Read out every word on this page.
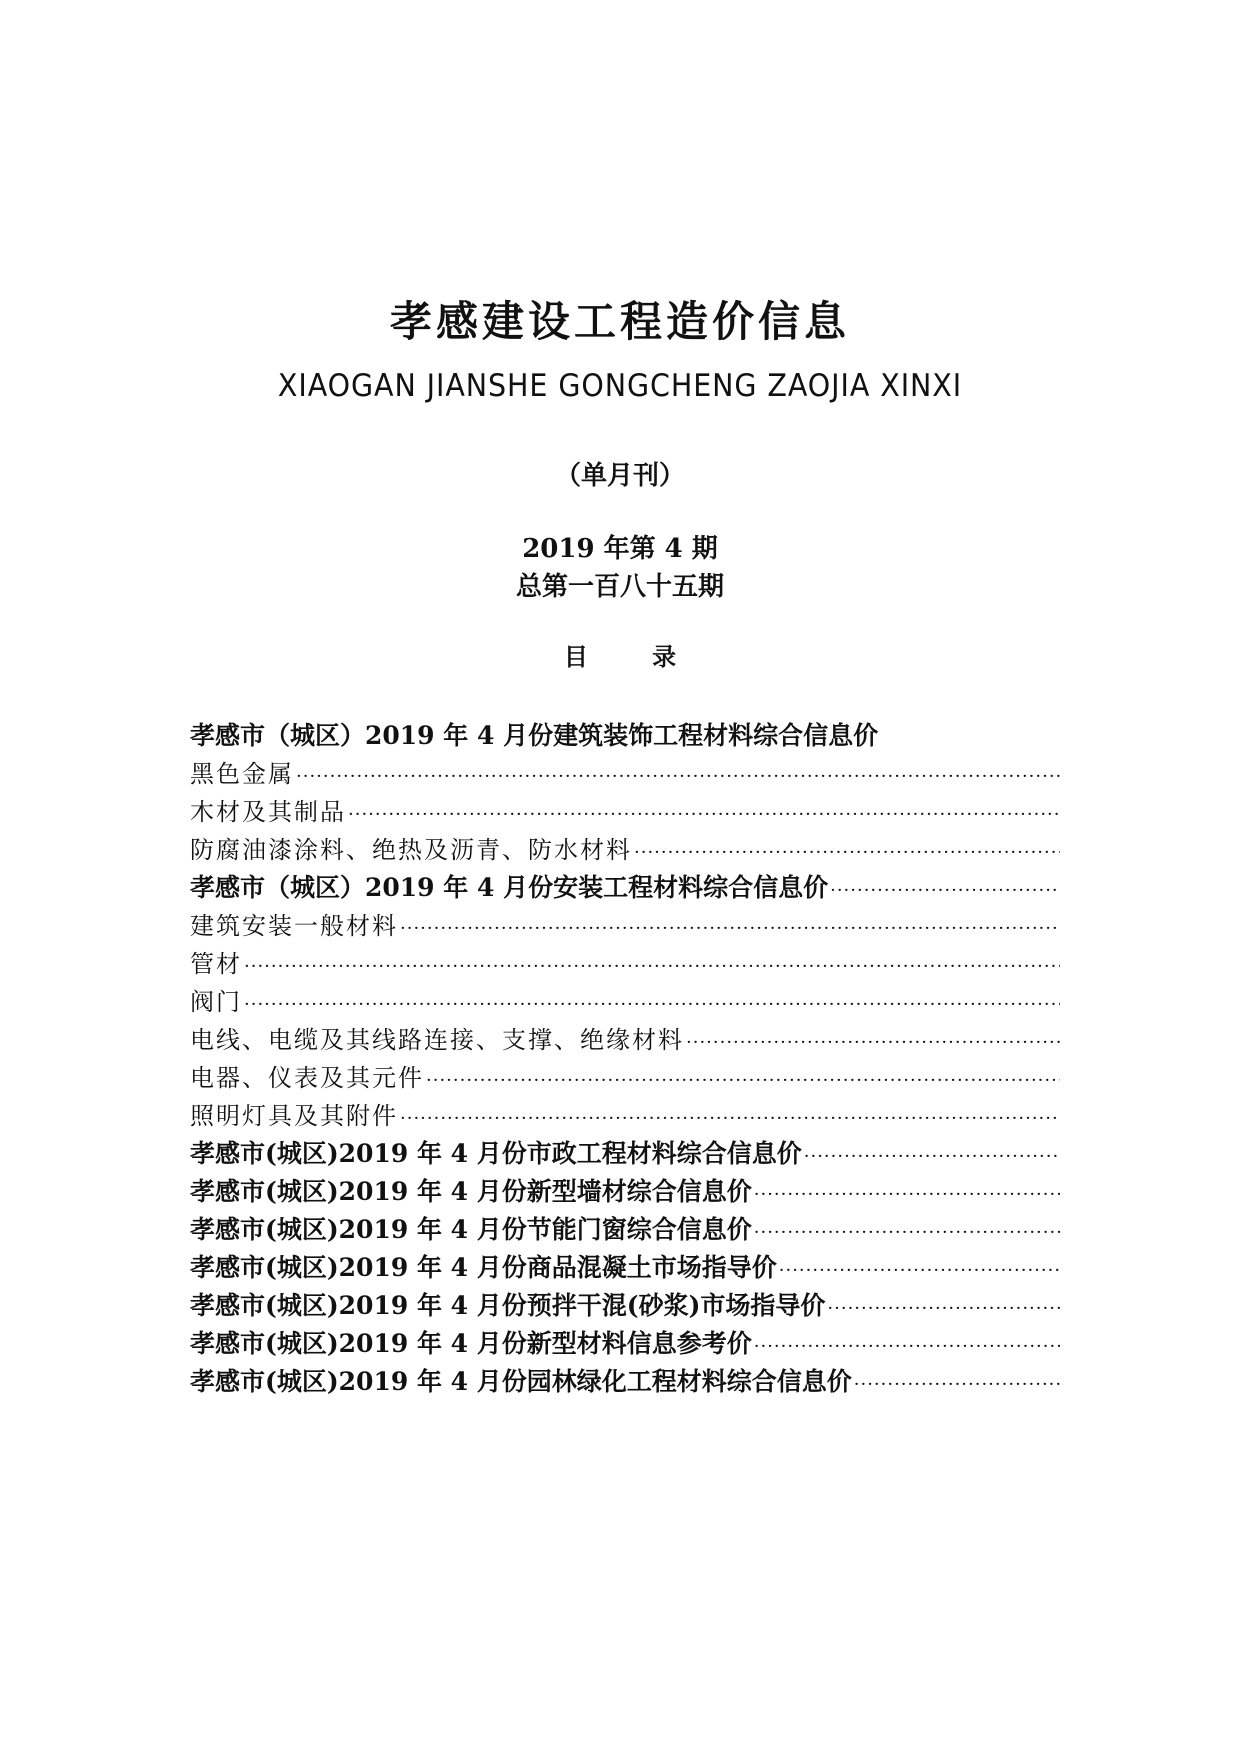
孝感建设工程造价信息
XIAOGAN JIANSHE GONGCHENG ZAOJIA XINXI
（单月刊）
2019 年第 4 期
总第一百八十五期
目 录
孝感市（城区）2019 年 4 月份建筑装饰工程材料综合信息价
黑色金属
·····
木材及其制品
·····
防腐油漆涂料、绝热及沥青、防水材料
·····
孝感市（城区）2019 年 4 月份安装工程材料综合信息价
·····
建筑安装一般材料
·····
管材
·····
阀门
·····
电线、电缆及其线路连接、支撑、绝缘材料
·····
电器、仪表及其元件
·····
照明灯具及其附件
·····
孝感市(城区)2019 年 4 月份市政工程材料综合信息价
·····
孝感市(城区)2019 年 4 月份新型墙材综合信息价
·····
孝感市(城区)2019 年 4 月份节能门窗综合信息价
·····
孝感市(城区)2019 年 4 月份商品混凝土市场指导价
·····
孝感市(城区)2019 年 4 月份预拌干混(砂浆)市场指导价
·····
孝感市(城区)2019 年 4 月份新型材料信息参考价
·····
孝感市(城区)2019 年 4 月份园林绿化工程材料综合信息价
·····
